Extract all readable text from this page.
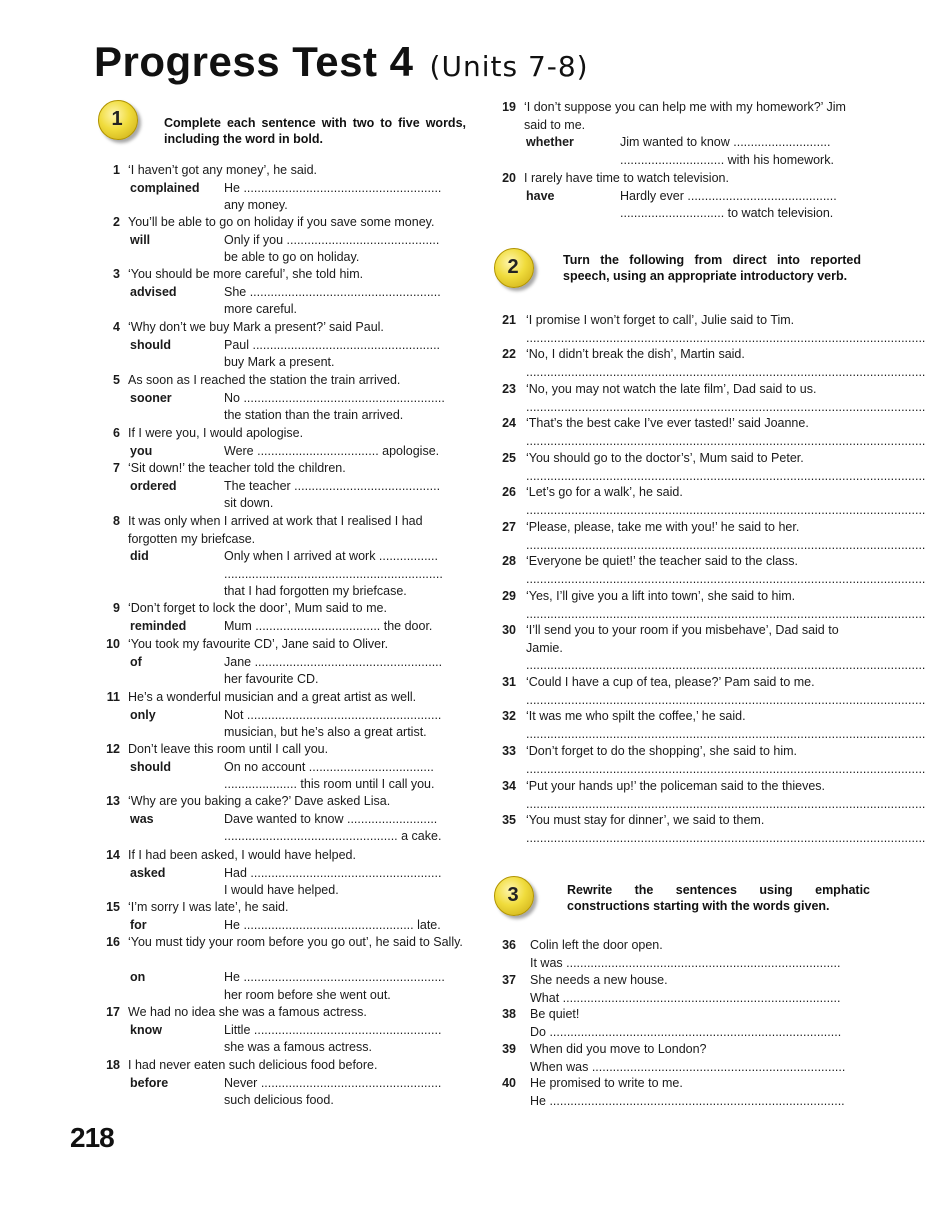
Progress Test 4 (Units 7-8)
1	Complete each sentence with two to five words, including the word in bold.
1 ‘I haven’t got any money’, he said.
complained He .........................................................
any money.
2 You’ll be able to go on holiday if you save some money.
will	Only if you ............................................
be able to go on holiday.
3 ‘You should be more careful’, she told him.
advised	She .......................................................
more careful.
4 ‘Why don’t we buy Mark a present?’ said Paul.
should	Paul ......................................................
buy Mark a present.
5 As soon as I reached the station the train arrived.
sooner	No ..........................................................
the station than the train arrived.
6 If I were you, I would apologise.
you	Were ................................... apologise.
7 ‘Sit down!’ the teacher told the children.
ordered	The teacher ..........................................
sit down.
8 It was only when I arrived at work that I realised I had forgotten my briefcase.
did	Only when I arrived at work .................
...............................................................
that I had forgotten my briefcase.
9 ‘Don’t forget to lock the door’, Mum said to me.
reminded	Mum .................................... the door.
10 ‘You took my favourite CD’, Jane said to Oliver.
of	Jane ......................................................
her favourite CD.
11 He’s a wonderful musician and a great artist as well.
only	Not ........................................................
musician, but he’s also a great artist.
12 Don’t leave this room until I call you.
should	On no account ....................................
..................... this room until I call you.
13 ‘Why are you baking a cake?’ Dave asked Lisa.
was	Dave wanted to know ..........................
.................................................. a cake.
14 If I had been asked, I would have helped.
asked	Had .......................................................
I would have helped.
15 ‘I’m sorry I was late’, he said.
for	He ................................................. late.
16 ‘You must tidy your room before you go out’, he said to Sally.
on	He ..........................................................
her room before she went out.
17 We had no idea she was a famous actress.
know	Little ......................................................
she was a famous actress.
18 I had never eaten such delicious food before.
before	Never ....................................................
such delicious food.
19 ‘I don’t suppose you can help me with my homework?’ Jim said to me.
whether	Jim wanted to know ............................
.............................. with his homework.
20 I rarely have time to watch television.
have	Hardly ever ...........................................
.............................. to watch television.
2	Turn the following from direct into reported speech, using an appropriate introductory verb.
21 ‘I promise I won’t forget to call’, Julie said to Tim.
...................................................................................................................
22 ‘No, I didn’t break the dish’, Martin said.
...................................................................................................................
23 ‘No, you may not watch the late film’, Dad said to us.
...................................................................................................................
24 ‘That’s the best cake I’ve ever tasted!’ said Joanne.
...................................................................................................................
25 ‘You should go to the doctor’s’, Mum said to Peter.
...................................................................................................................
26 ‘Let’s go for a walk’, he said.
...................................................................................................................
27 ‘Please, please, take me with you!’ he said to her.
...................................................................................................................
28 ‘Everyone be quiet!’ the teacher said to the class.
...................................................................................................................
29 ‘Yes, I’ll give you a lift into town’, she said to him.
...................................................................................................................
30 ‘I’ll send you to your room if you misbehave’, Dad said to Jamie.
...................................................................................................................
31 ‘Could I have a cup of tea, please?’ Pam said to me.
...................................................................................................................
32 ‘It was me who spilt the coffee,’ he said.
...................................................................................................................
33 ‘Don’t forget to do the shopping’, she said to him.
...................................................................................................................
34 ‘Put your hands up!’ the policeman said to the thieves.
...................................................................................................................
35 ‘You must stay for dinner’, we said to them.
...................................................................................................................
3	Rewrite the sentences using emphatic constructions starting with the words given.
36 Colin left the door open.
It was ...............................................................................
37 She needs a new house.
What ................................................................................
38 Be quiet!
Do ....................................................................................
39 When did you move to London?
When was .........................................................................
40 He promised to write to me.
He .....................................................................................
218
